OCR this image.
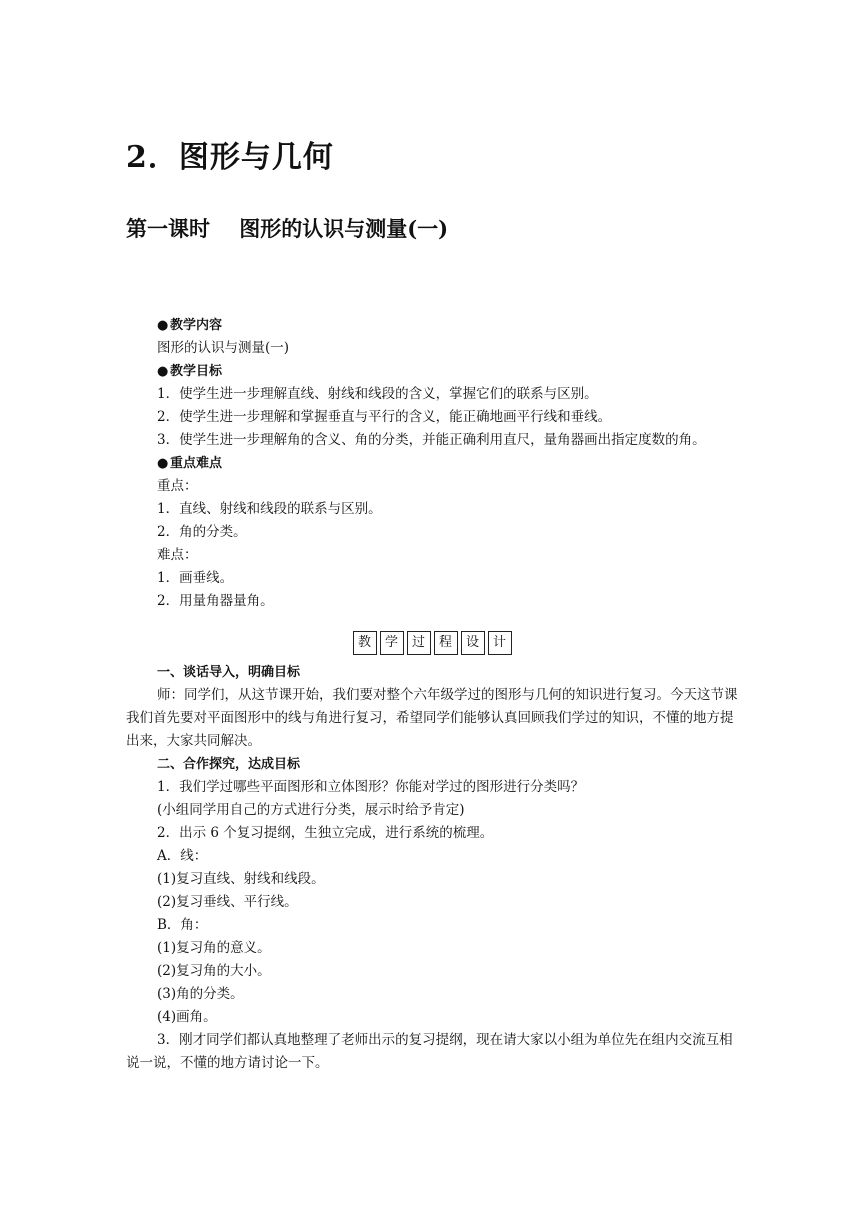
2．图形与几何
第一课时    图形的认识与测量(一)
● 教学内容
图形的认识与测量(一)
● 教学目标
1．使学生进一步理解直线、射线和线段的含义，掌握它们的联系与区别。
2．使学生进一步理解和掌握垂直与平行的含义，能正确地画平行线和垂线。
3．使学生进一步理解角的含义、角的分类，并能正确利用直尺，量角器画出指定度数的角。
● 重点难点
重点：
1．直线、射线和线段的联系与区别。
2．角的分类。
难点：
1．画垂线。
2．用量角器量角。
教	学	过	程	设	计
一、谈话导入，明确目标
师：同学们，从这节课开始，我们要对整个六年级学过的图形与几何的知识进行复习。今天这节课我们首先要对平面图形中的线与角进行复习，希望同学们能够认真回顾我们学过的知识，不懂的地方提出来，大家共同解决。
二、合作探究，达成目标
1．我们学过哪些平面图形和立体图形？你能对学过的图形进行分类吗？
(小组同学用自己的方式进行分类，展示时给予肯定)
2．出示 6 个复习提纲，生独立完成，进行系统的梳理。
A．线：
(1)复习直线、射线和线段。
(2)复习垂线、平行线。
B．角：
(1)复习角的意义。
(2)复习角的大小。
(3)角的分类。
(4)画角。
3．刚才同学们都认真地整理了老师出示的复习提纲，现在请大家以小组为单位先在组内交流互相说一说，不懂的地方请讨论一下。
